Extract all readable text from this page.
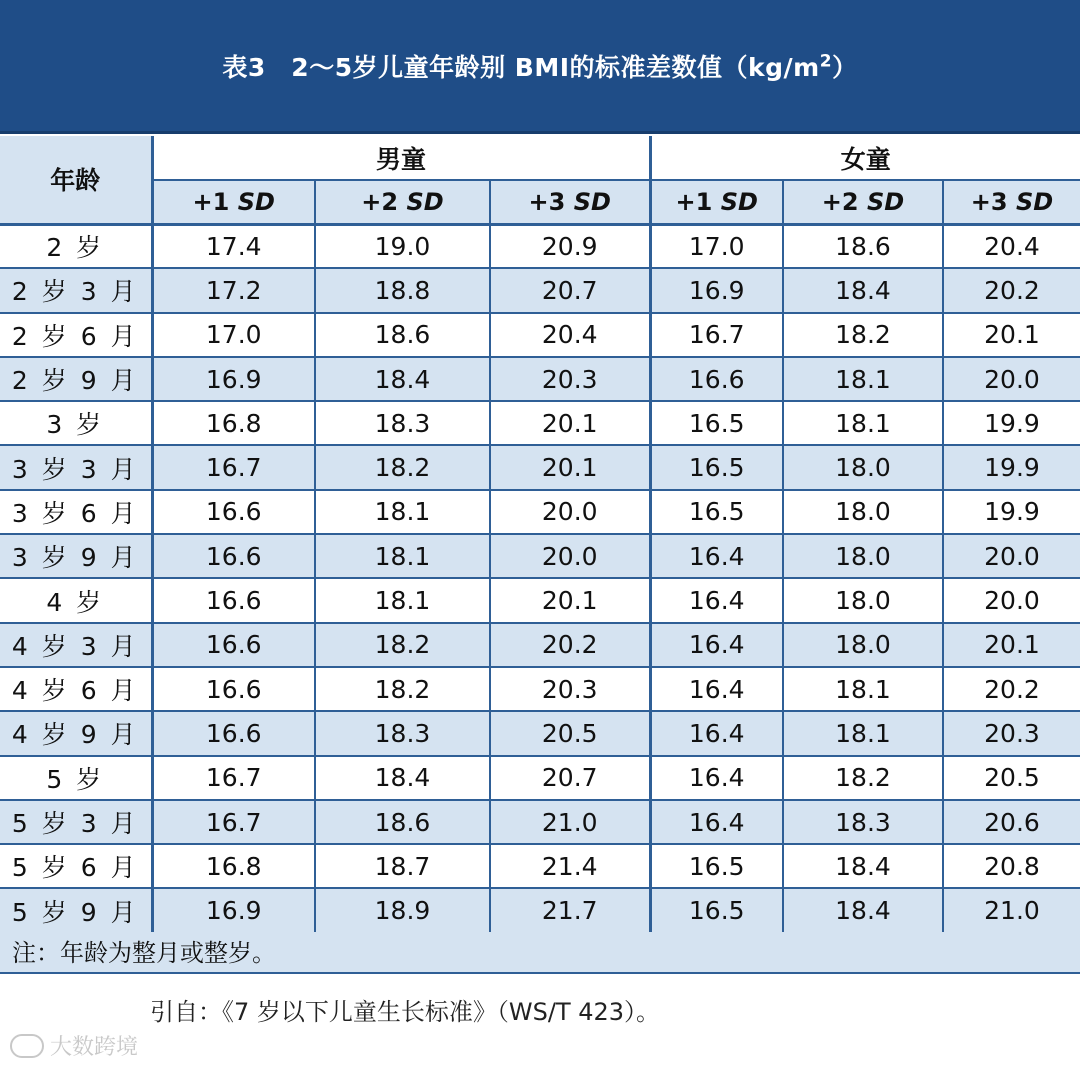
表3　2～5岁儿童年龄别 BMI的标准差数值$(kg/m^2)$
年龄	男童			女童		
	+1 SD	+2 SD	+3 SD	+1 SD	+2 SD	+3 SD
2 岁	17.4	19.0	20.9	17.0	18.6	20.4
2 岁 3 月	17.2	18.8	20.7	16.9	18.4	20.2
2 岁 6 月	17.0	18.6	20.4	16.7	18.2	20.1
2 岁 9 月	16.9	18.4	20.3	16.6	18.1	20.0
3 岁	16.8	18.3	20.1	16.5	18.1	19.9
3 岁 3 月	16.7	18.2	20.1	16.5	18.0	19.9
3 岁 6 月	16.6	18.1	20.0	16.5	18.0	19.9
3 岁 9 月	16.6	18.1	20.0	16.4	18.0	20.0
4 岁	16.6	18.1	20.1	16.4	18.0	20.0
4 岁 3 月	16.6	18.2	20.2	16.4	18.0	20.1
4 岁 6 月	16.6	18.2	20.3	16.4	18.1	20.2
4 岁 9 月	16.6	18.3	20.5	16.4	18.1	20.3
5 岁	16.7	18.4	20.7	16.4	18.2	20.5
5 岁 3 月	16.7	18.6	21.0	16.4	18.3	20.6
5 岁 6 月	16.8	18.7	21.4	16.5	18.4	20.8
5 岁 9 月	16.9	18.9	21.7	16.5	18.4	21.0
注：年龄为整月或整岁。
引自：《7 岁以下儿童生长标准》（WS/T 423）。
大数跨境
